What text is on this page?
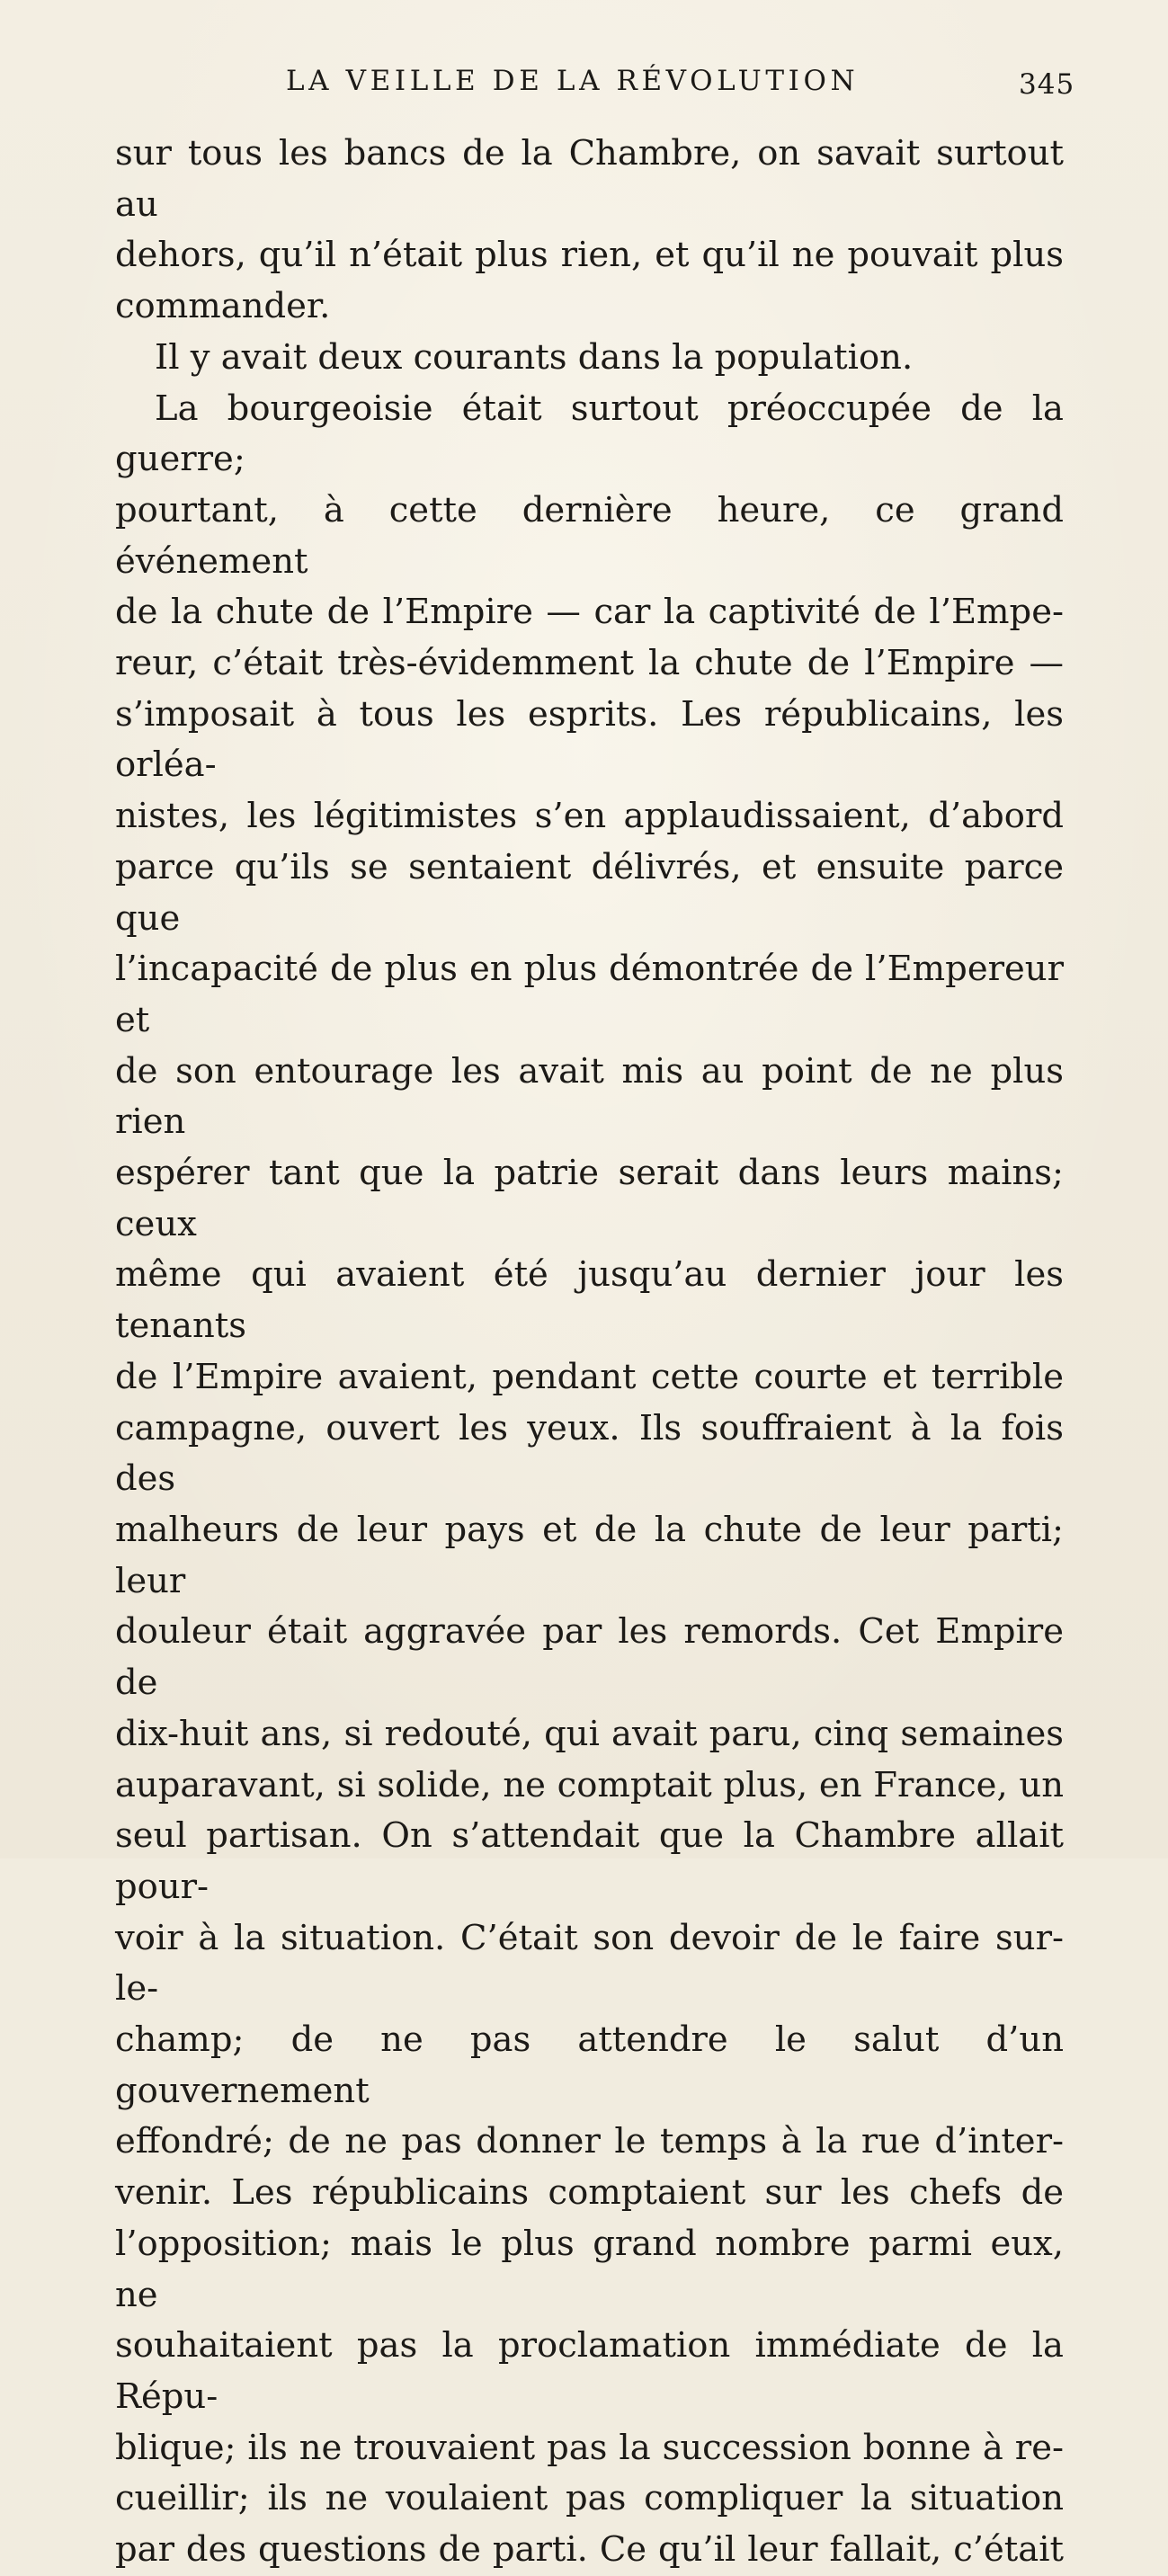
LA VEILLE DE LA RÉVOLUTION	345

sur tous les bancs de la Chambre, on savait surtout au

dehors, qu’il n’était plus rien, et qu’il ne pouvait plus

commander.

Il y avait deux courants dans la population.

La bourgeoisie était surtout préoccupée de la guerre;

pourtant, à cette dernière heure, ce grand événement

de la chute de l’Empire — car la captivité de l’Empe-

reur, c’était très-évidemment la chute de l’Empire —

s’imposait à tous les esprits. Les républicains, les orléa-

nistes, les légitimistes s’en applaudissaient, d’abord

parce qu’ils se sentaient délivrés, et ensuite parce que

l’incapacité de plus en plus démontrée de l’Empereur et

de son entourage les avait mis au point de ne plus rien

espérer tant que la patrie serait dans leurs mains; ceux

même qui avaient été jusqu’au dernier jour les tenants

de l’Empire avaient, pendant cette courte et terrible

campagne, ouvert les yeux. Ils souffraient à la fois des

malheurs de leur pays et de la chute de leur parti; leur

douleur était aggravée par les remords. Cet Empire de

dix-huit ans, si redouté, qui avait paru, cinq semaines

auparavant, si solide, ne comptait plus, en France, un

seul partisan. On s’attendait que la Chambre allait pour-

voir à la situation. C’était son devoir de le faire sur-le-

champ; de ne pas attendre le salut d’un gouvernement

effondré; de ne pas donner le temps à la rue d’inter-

venir. Les républicains comptaient sur les chefs de

l’opposition; mais le plus grand nombre parmi eux, ne

souhaitaient pas la proclamation immédiate de la Répu-

blique; ils ne trouvaient pas la succession bonne à re-

cueillir; ils ne voulaient pas compliquer la situation

par des questions de parti. Ce qu’il leur fallait, c’était
